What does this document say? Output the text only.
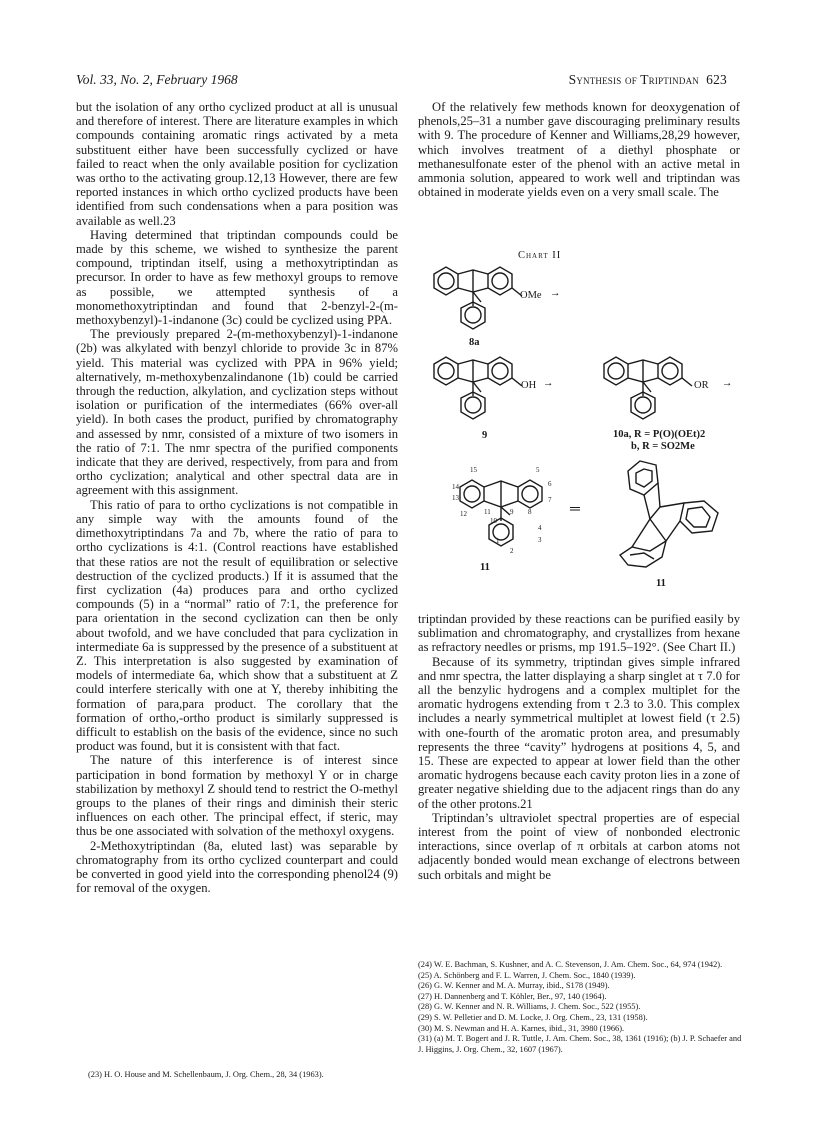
Vol. 33, No. 2, February 1968	Synthesis of Triptindan 623

but the isolation of any ortho cyclized product at all is unusual and therefore of interest. There are literature examples in which compounds containing aromatic rings activated by a meta substituent either have been successfully cyclized or have failed to react when the only available position for cyclization was ortho to the activating group.12,13 However, there are few reported instances in which ortho cyclized products have been identified from such condensations when a para position was available as well.23

Having determined that triptindan compounds could be made by this scheme, we wished to synthesize the parent compound, triptindan itself, using a methoxytriptindan as precursor. In order to have as few methoxyl groups to remove as possible, we attempted synthesis of a monomethoxytriptindan and found that 2-benzyl-2-(m-methoxybenzyl)-1-indanone (3c) could be cyclized using PPA.

The previously prepared 2-(m-methoxybenzyl)-1-indanone (2b) was alkylated with benzyl chloride to provide 3c in 87% yield. This material was cyclized with PPA in 96% yield; alternatively, m-methoxybenzalindanone (1b) could be carried through the reduction, alkylation, and cyclization steps without isolation or purification of the intermediates (66% over-all yield). In both cases the product, purified by chromatography and assessed by nmr, consisted of a mixture of two isomers in the ratio of 7:1. The nmr spectra of the purified components indicate that they are derived, respectively, from para and from ortho cyclization; analytical and other spectral data are in agreement with this assignment.

This ratio of para to ortho cyclizations is not compatible in any simple way with the amounts found of the dimethoxytriptindans 7a and 7b, where the ratio of para to ortho cyclizations is 4:1. (Control reactions have established that these ratios are not the result of equilibration or selective destruction of the cyclized products.) If it is assumed that the first cyclization (4a) produces para and ortho cyclized compounds (5) in a “normal” ratio of 7:1, the preference for para orientation in the second cyclization can then be only about twofold, and we have concluded that para cyclization in intermediate 6a is suppressed by the presence of a substituent at Z. This interpretation is also suggested by examination of models of intermediate 6a, which show that a substituent at Z could interfere sterically with one at Y, thereby inhibiting the formation of para,para product. The corollary that the formation of ortho,-ortho product is similarly suppressed is difficult to establish on the basis of the evidence, since no such product was found, but it is consistent with that fact.

The nature of this interference is of interest since participation in bond formation by methoxyl Y or in charge stabilization by methoxyl Z should tend to restrict the O-methyl groups to the planes of their rings and diminish their steric influences on each other. The principal effect, if steric, may thus be one associated with solvation of the methoxyl oxygens.

2-Methoxytriptindan (8a, eluted last) was separable by chromatography from its ortho cyclized counterpart and could be converted in good yield into the corresponding phenol24 (9) for removal of the oxygen.

(23) H. O. House and M. Schellenbaum, J. Org. Chem., 28, 34 (1963).

Of the relatively few methods known for deoxygenation of phenols,25–31 a number gave discouraging preliminary results with 9. The procedure of Kenner and Williams,28,29 however, which involves treatment of a diethyl phosphate or methanesulfonate ester of the phenol with an active metal in ammonia solution, appeared to work well and triptindan was obtained in moderate yields even on a very small scale. The

Chart II
OMe →
8a
OH →
9
OR →
10a, R = P(O)(OEt)2
b, R = SO2Me
15	5
14	6
13	7
12 11
10
9 8
4
3
2
1
11
═
11

triptindan provided by these reactions can be purified easily by sublimation and chromatography, and crystallizes from hexane as refractory needles or prisms, mp 191.5–192°. (See Chart II.)

Because of its symmetry, triptindan gives simple infrared and nmr spectra, the latter displaying a sharp singlet at τ 7.0 for all the benzylic hydrogens and a complex multiplet for the aromatic hydrogens extending from τ 2.3 to 3.0. This complex includes a nearly symmetrical multiplet at lowest field (τ 2.5) with one-fourth of the aromatic proton area, and presumably represents the three “cavity” hydrogens at positions 4, 5, and 15. These are expected to appear at lower field than the other aromatic hydrogens because each cavity proton lies in a zone of greater negative shielding due to the adjacent rings than do any of the other protons.21

Triptindan’s ultraviolet spectral properties are of especial interest from the point of view of nonbonded electronic interactions, since overlap of π orbitals at carbon atoms not adjacently bonded would mean exchange of electrons between such orbitals and might be

(24) W. E. Bachman, S. Kushner, and A. C. Stevenson, J. Am. Chem. Soc., 64, 974 (1942).

(25) A. Schönberg and F. L. Warren, J. Chem. Soc., 1840 (1939).

(26) G. W. Kenner and M. A. Murray, ibid., S178 (1949).

(27) H. Dannenberg and T. Köhler, Ber., 97, 140 (1964).

(28) G. W. Kenner and N. R. Williams, J. Chem. Soc., 522 (1955).

(29) S. W. Pelletier and D. M. Locke, J. Org. Chem., 23, 131 (1958).

(30) M. S. Newman and H. A. Karnes, ibid., 31, 3980 (1966).

(31) (a) M. T. Bogert and J. R. Tuttle, J. Am. Chem. Soc., 38, 1361 (1916); (b) J. P. Schaefer and J. Higgins, J. Org. Chem., 32, 1607 (1967).
